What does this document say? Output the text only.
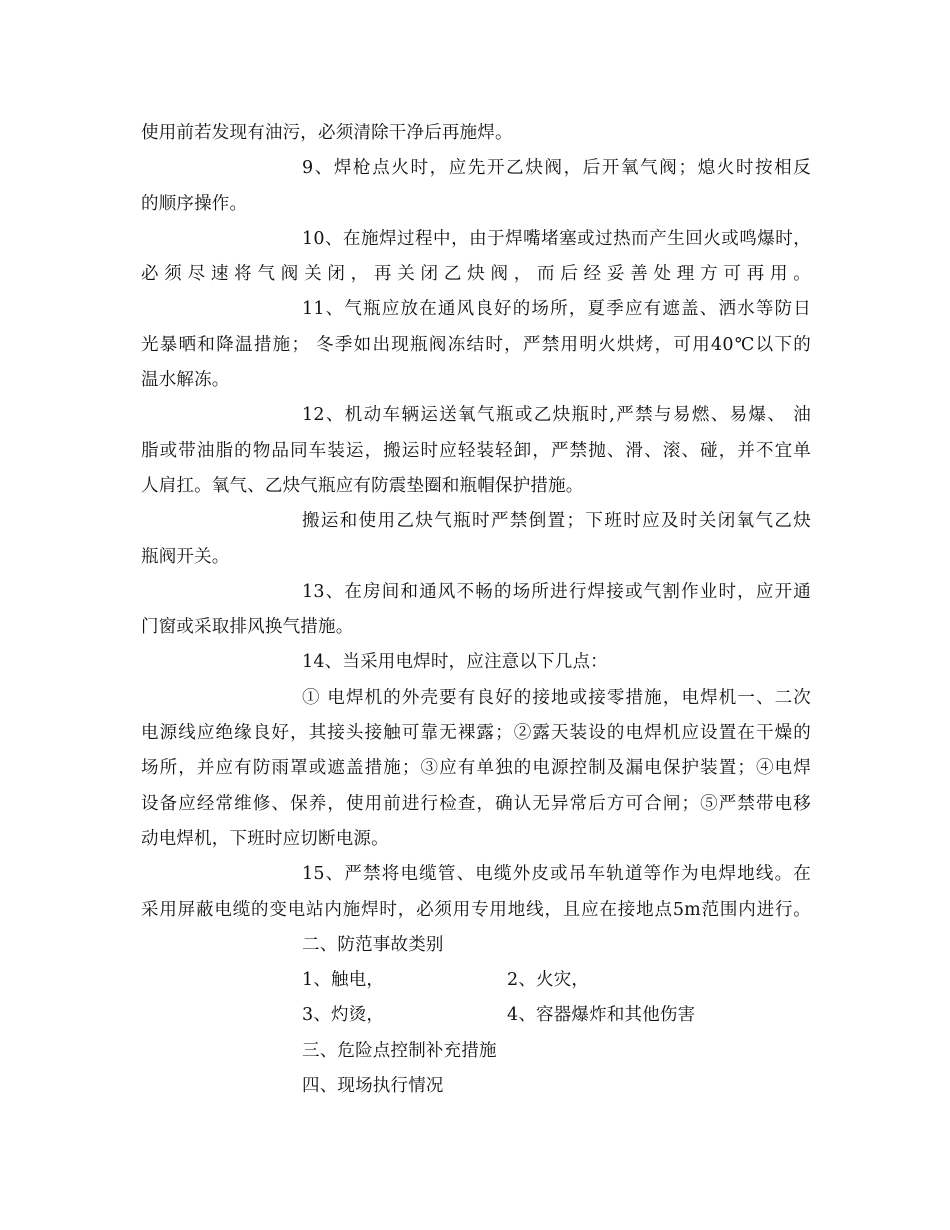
使用前若发现有油污，必须清除干净后再施焊。
9、焊枪点火时，应先开乙炔阀，后开氧气阀；熄火时按相反
的顺序操作。
10、在施焊过程中，由于焊嘴堵塞或过热而产生回火或鸣爆时，
必须尽速将气阀关闭，再关闭乙炔阀，而后经妥善处理方可再用。
11、气瓶应放在通风良好的场所，夏季应有遮盖、洒水等防日
光暴晒和降温措施； 冬季如出现瓶阀冻结时，严禁用明火烘烤，可用40℃以下的
温水解冻。
12、机动车辆运送氧气瓶或乙炔瓶时,严禁与易燃、易爆、 油
脂或带油脂的物品同车装运，搬运时应轻装轻卸，严禁抛、滑、滚、碰，并不宜单
人肩扛。氧气、乙炔气瓶应有防震垫圈和瓶帽保护措施。
搬运和使用乙炔气瓶时严禁倒置；下班时应及时关闭氧气乙炔
瓶阀开关。
13、在房间和通风不畅的场所进行焊接或气割作业时，应开通
门窗或采取排风换气措施。
14、当采用电焊时，应注意以下几点：
① 电焊机的外壳要有良好的接地或接零措施，电焊机一、二次
电源线应绝缘良好，其接头接触可靠无裸露；②露天装设的电焊机应设置在干燥的
场所，并应有防雨罩或遮盖措施；③应有单独的电源控制及漏电保护装置；④电焊
设备应经常维修、保养，使用前进行检查，确认无异常后方可合闸；⑤严禁带电移
动电焊机，下班时应切断电源。
15、严禁将电缆管、电缆外皮或吊车轨道等作为电焊地线。在
采用屏蔽电缆的变电站内施焊时，必须用专用地线，且应在接地点5m范围内进行。
二、防范事故类别
1、触电，	2、火灾，
3、灼烫，	4、容器爆炸和其他伤害
三、危险点控制补充措施
四、现场执行情况
